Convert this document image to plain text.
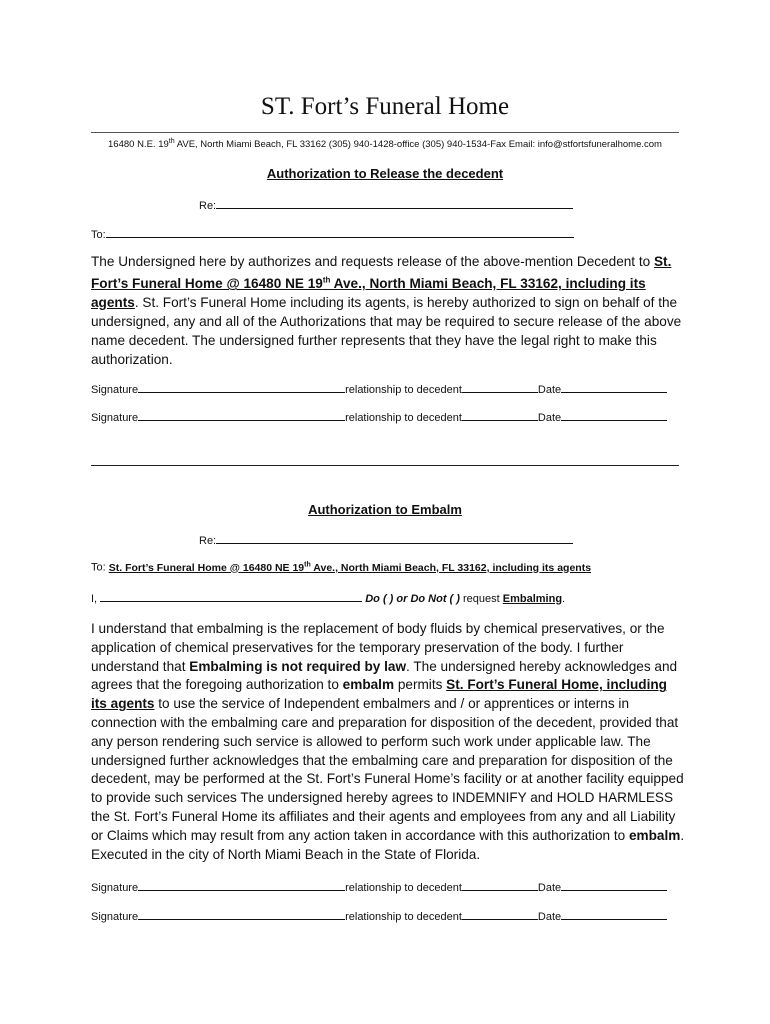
ST. Fort’s Funeral Home
16480 N.E. 19th AVE, North Miami Beach, FL 33162 (305) 940-1428-office (305) 940-1534-Fax Email: info@stfortsfuneralhome.com
Authorization to Release the decedent
Re:
To:
The Undersigned here by authorizes and requests release of the above-mention Decedent to St. Fort’s Funeral Home @ 16480 NE 19th Ave., North Miami Beach, FL 33162, including its agents. St. Fort’s Funeral Home including its agents, is hereby authorized to sign on behalf of the undersigned, any and all of the Authorizations that may be required to secure release of the above name decedent. The undersigned further represents that they have the legal right to make this authorization.
Signature	relationship to decedent	Date
Signature	relationship to decedent	Date
Authorization to Embalm
Re:
To: St. Fort’s Funeral Home @ 16480 NE 19th Ave., North Miami Beach, FL 33162, including its agents
I,	Do ( ) or Do Not ( ) request Embalming.
I understand that embalming is the replacement of body fluids by chemical preservatives, or the application of chemical preservatives for the temporary preservation of the body. I further understand that Embalming is not required by law. The undersigned hereby acknowledges and agrees that the foregoing authorization to embalm permits St. Fort’s Funeral Home, including its agents to use the service of Independent embalmers and / or apprentices or interns in connection with the embalming care and preparation for disposition of the decedent, provided that any person rendering such service is allowed to perform such work under applicable law. The undersigned further acknowledges that the embalming care and preparation for disposition of the decedent, may be performed at the St. Fort’s Funeral Home’s facility or at another facility equipped to provide such services The undersigned hereby agrees to INDEMNIFY and HOLD HARMLESS the St. Fort’s Funeral Home its affiliates and their agents and employees from any and all Liability or Claims which may result from any action taken in accordance with this authorization to embalm. Executed in the city of North Miami Beach in the State of Florida.
Signature	relationship to decedent	Date
Signature	relationship to decedent	Date
